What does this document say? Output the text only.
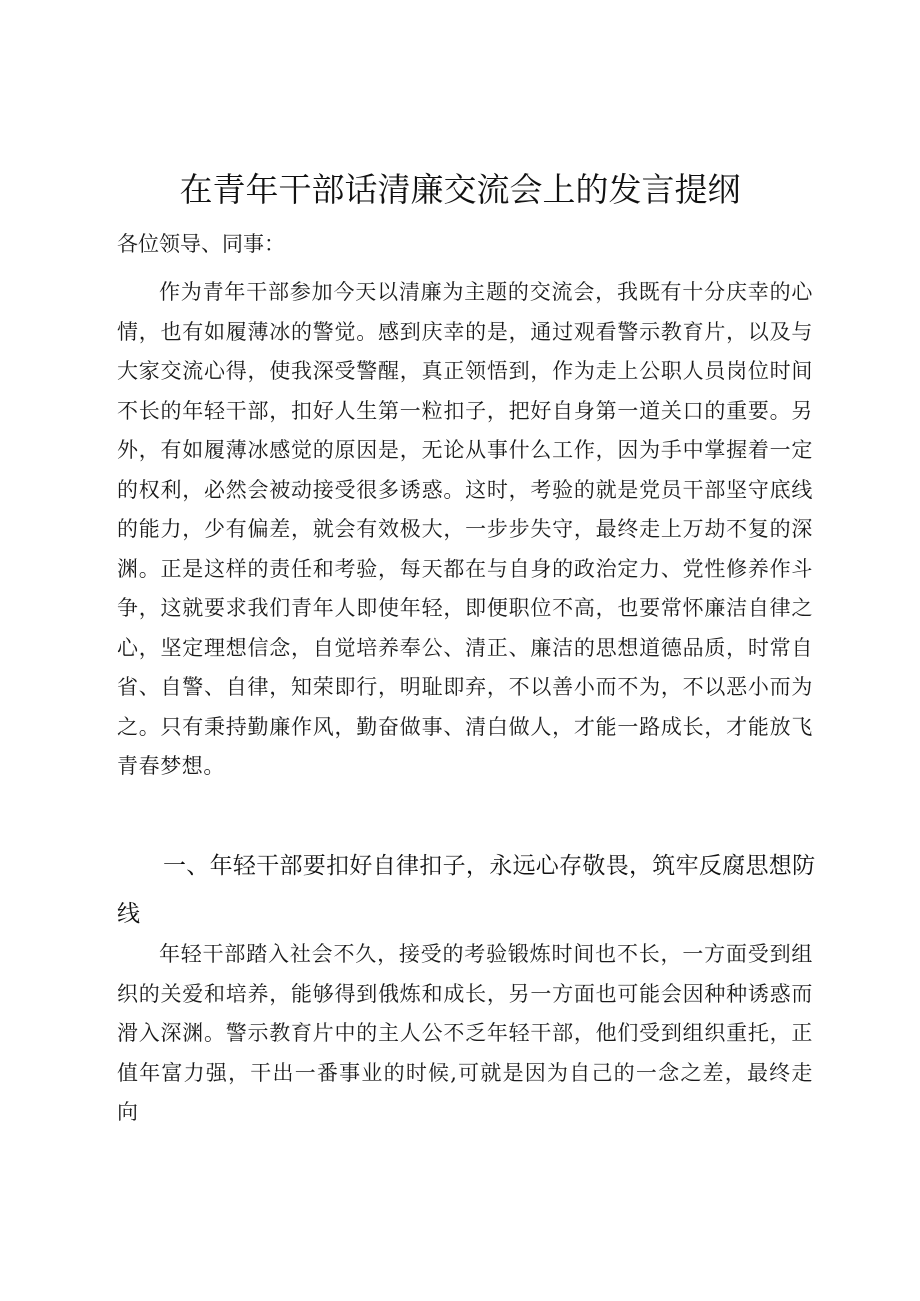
在青年干部话清廉交流会上的发言提纲

各位领导、同事：

作为青年干部参加今天以清廉为主题的交流会，我既有十分庆幸的心情，也有如履薄冰的警觉。感到庆幸的是，通过观看警示教育片，以及与大家交流心得，使我深受警醒，真正领悟到，作为走上公职人员岗位时间不长的年轻干部，扣好人生第一粒扣子，把好自身第一道关口的重要。另外，有如履薄冰感觉的原因是，无论从事什么工作，因为手中掌握着一定的权利，必然会被动接受很多诱惑。这时，考验的就是党员干部坚守底线的能力，少有偏差，就会有效极大，一步步失守，最终走上万劫不复的深渊。正是这样的责任和考验，每天都在与自身的政治定力、党性修养作斗争，这就要求我们青年人即使年轻，即便职位不高，也要常怀廉洁自律之心，坚定理想信念，自觉培养奉公、清正、廉洁的思想道德品质，时常自省、自警、自律，知荣即行，明耻即弃，不以善小而不为，不以恶小而为之。只有秉持勤廉作风，勤奋做事、清白做人，才能一路成长，才能放飞青春梦想。

一、年轻干部要扣好自律扣子，永远心存敬畏，筑牢反腐思想防线

年轻干部踏入社会不久，接受的考验锻炼时间也不长，一方面受到组织的关爱和培养，能够得到俄炼和成长，另一方面也可能会因种种诱惑而滑入深渊。警示教育片中的主人公不乏年轻干部，他们受到组织重托，正值年富力强，干出一番事业的时候,可就是因为自己的一念之差，最终走向
